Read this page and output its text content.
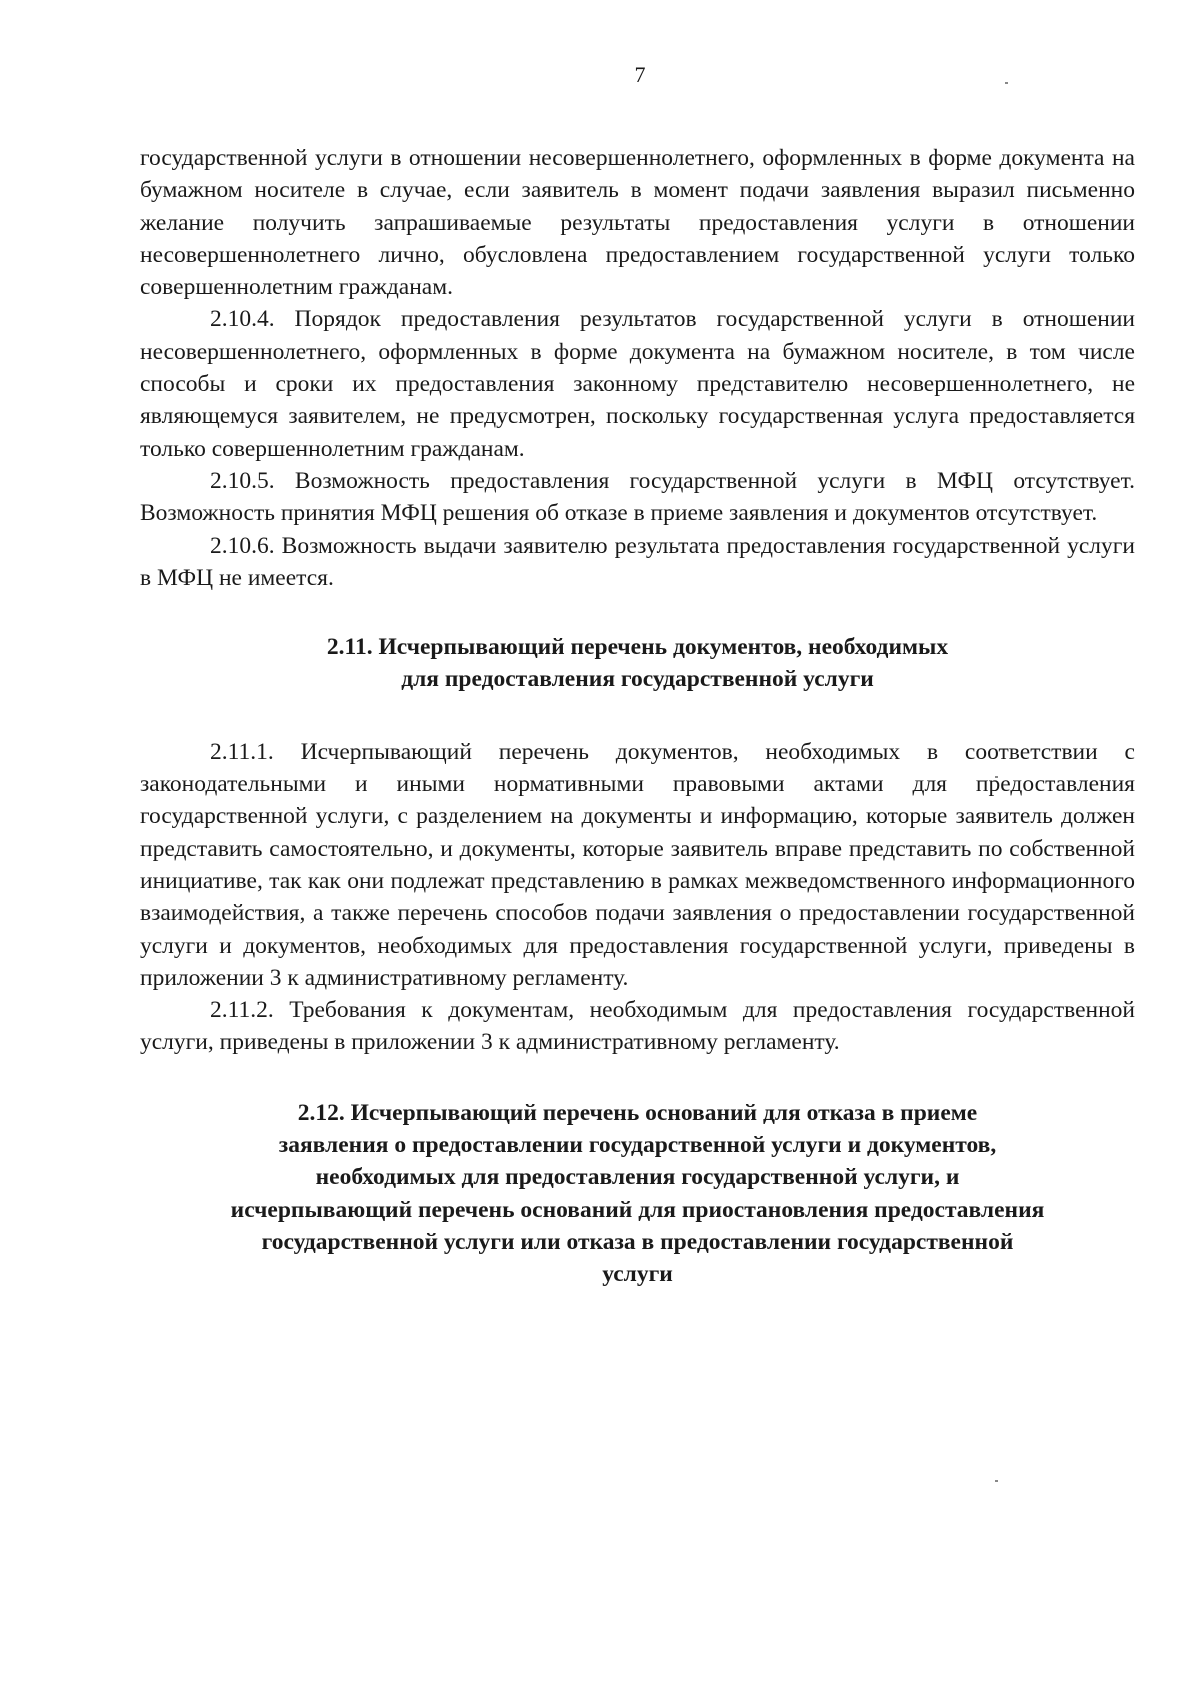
7

государственной услуги в отношении несовершеннолетнего, оформленных в форме документа на бумажном носителе в случае, если заявитель в момент подачи заявления выразил письменно желание получить запрашиваемые результаты предоставления услуги в отношении несовершеннолетнего лично, обусловлена предоставлением государственной услуги только совершеннолетним гражданам.

2.10.4. Порядок предоставления результатов государственной услуги в отношении несовершеннолетнего, оформленных в форме документа на бумажном носителе, в том числе способы и сроки их предоставления законному представителю несовершеннолетнего, не являющемуся заявителем, не предусмотрен, поскольку государственная услуга предоставляется только совершеннолетним гражданам.

2.10.5. Возможность предоставления государственной услуги в МФЦ отсутствует. Возможность принятия МФЦ решения об отказе в приеме заявления и документов отсутствует.

2.10.6. Возможность выдачи заявителю результата предоставления государственной услуги в МФЦ не имеется.

2.11. Исчерпывающий перечень документов, необходимых
для предоставления государственной услуги

2.11.1. Исчерпывающий перечень документов, необходимых в соответствии с законодательными и иными нормативными правовыми актами для предоставления государственной услуги, с разделением на документы и информацию, которые заявитель должен представить самостоятельно, и документы, которые заявитель вправе представить по собственной инициативе, так как они подлежат представлению в рамках межведомственного информационного взаимодействия, а также перечень способов подачи заявления о предоставлении государственной услуги и документов, необходимых для предоставления государственной услуги, приведены в приложении 3 к административному регламенту.

2.11.2. Требования к документам, необходимым для предоставления государственной услуги, приведены в приложении 3 к административному регламенту.

2.12. Исчерпывающий перечень оснований для отказа в приеме
заявления о предоставлении государственной услуги и документов,
необходимых для предоставления государственной услуги, и
исчерпывающий перечень оснований для приостановления предоставления
государственной услуги или отказа в предоставлении государственной
услуги
